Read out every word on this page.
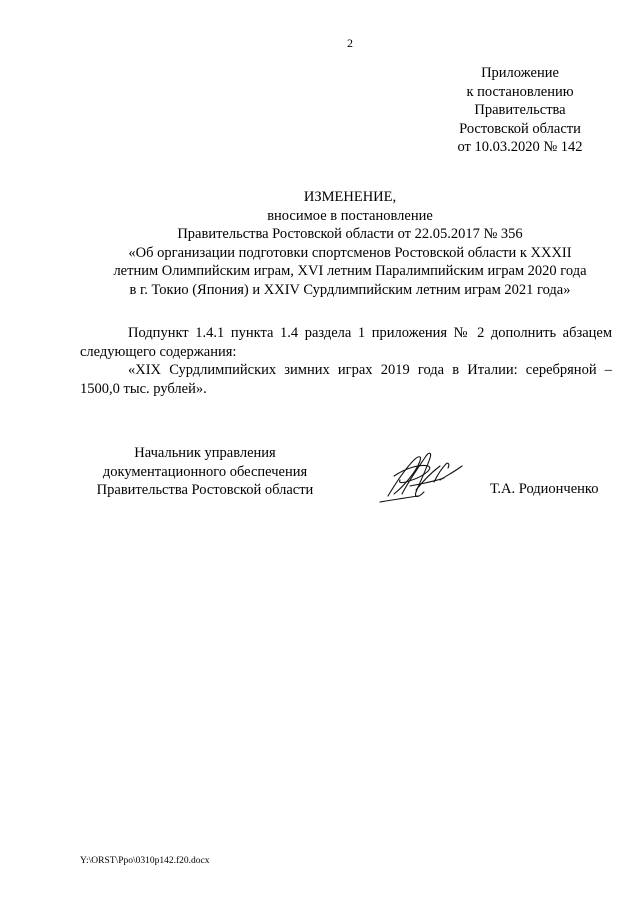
2
Приложение
к постановлению
Правительства
Ростовской области
от 10.03.2020 № 142
ИЗМЕНЕНИЕ,
вносимое в постановление
Правительства Ростовской области от 22.05.2017 № 356
«Об организации подготовки спортсменов Ростовской области к XXXII
летним Олимпийским играм, XVI летним Паралимпийским играм 2020 года
в г. Токио (Япония) и XXIV Сурдлимпийским летним играм 2021 года»

Подпункт 1.4.1 пункта 1.4 раздела 1 приложения № 2 дополнить абзацем следующего содержания:

«XIX Сурдлимпийских зимних играх 2019 года в Италии: серебряной – 1500,0 тыс. рублей».

Начальник управления
документационного обеспечения
Правительства Ростовской области	Т.А. Родионченко
Y:\ORST\Ppo\0310p142.f20.docx
